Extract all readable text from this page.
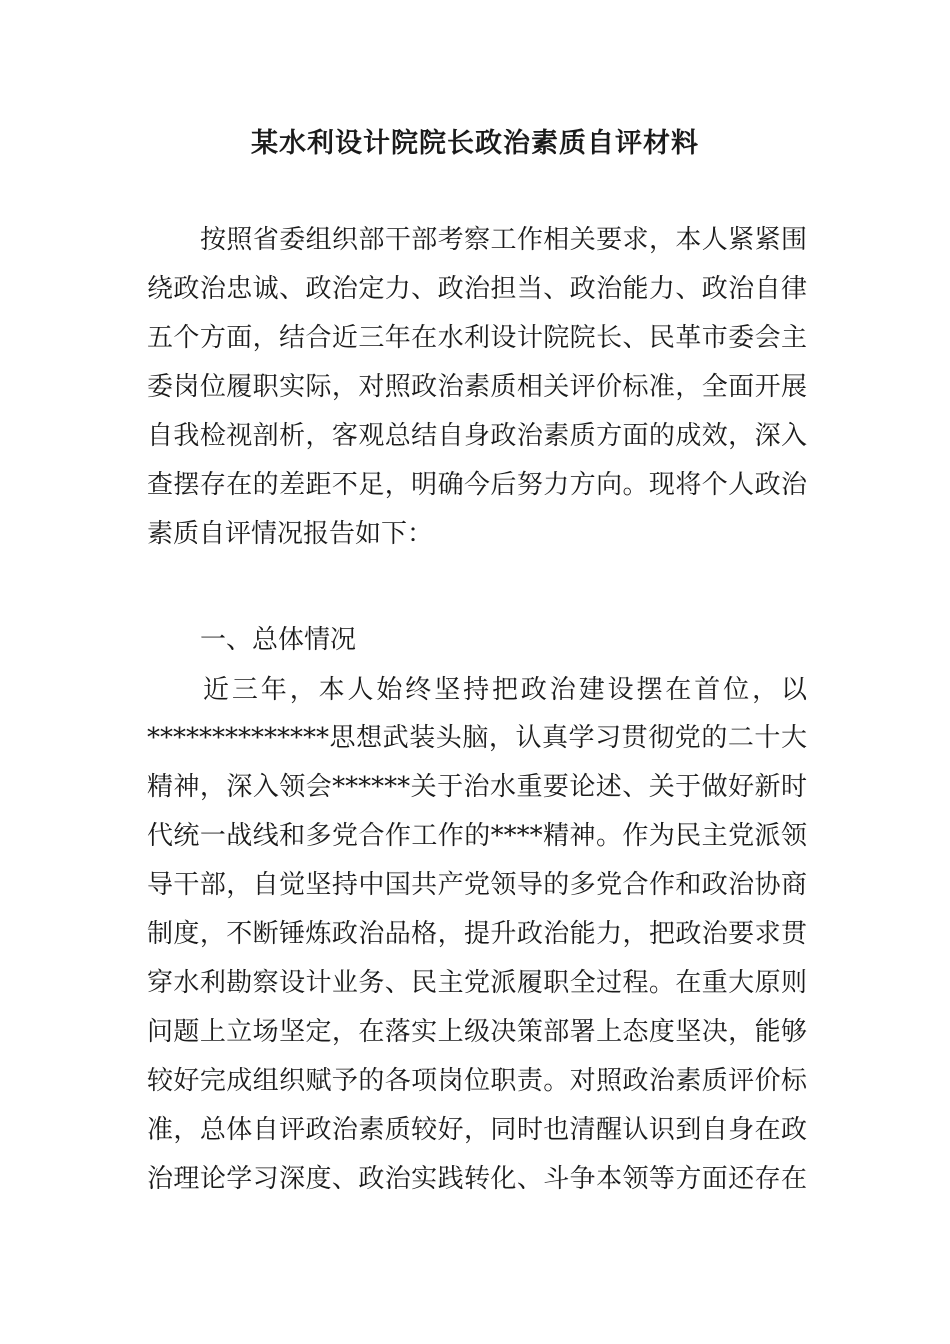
某水利设计院院长政治素质自评材料
按照省委组织部干部考察工作相关要求，本人紧紧围
绕政治忠诚、政治定力、政治担当、政治能力、政治自律
五个方面，结合近三年在水利设计院院长、民革市委会主
委岗位履职实际，对照政治素质相关评价标准，全面开展
自我检视剖析，客观总结自身政治素质方面的成效，深入
查摆存在的差距不足，明确今后努力方向。现将个人政治
素质自评情况报告如下：
一、总体情况
近三年，本人始终坚持把政治建设摆在首位，以
**************思想武装头脑，认真学习贯彻党的二十大
精神，深入领会******关于治水重要论述、关于做好新时
代统一战线和多党合作工作的****精神。作为民主党派领
导干部，自觉坚持中国共产党领导的多党合作和政治协商
制度，不断锤炼政治品格，提升政治能力，把政治要求贯
穿水利勘察设计业务、民主党派履职全过程。在重大原则
问题上立场坚定，在落实上级决策部署上态度坚决，能够
较好完成组织赋予的各项岗位职责。对照政治素质评价标
准，总体自评政治素质较好，同时也清醒认识到自身在政
治理论学习深度、政治实践转化、斗争本领等方面还存在
